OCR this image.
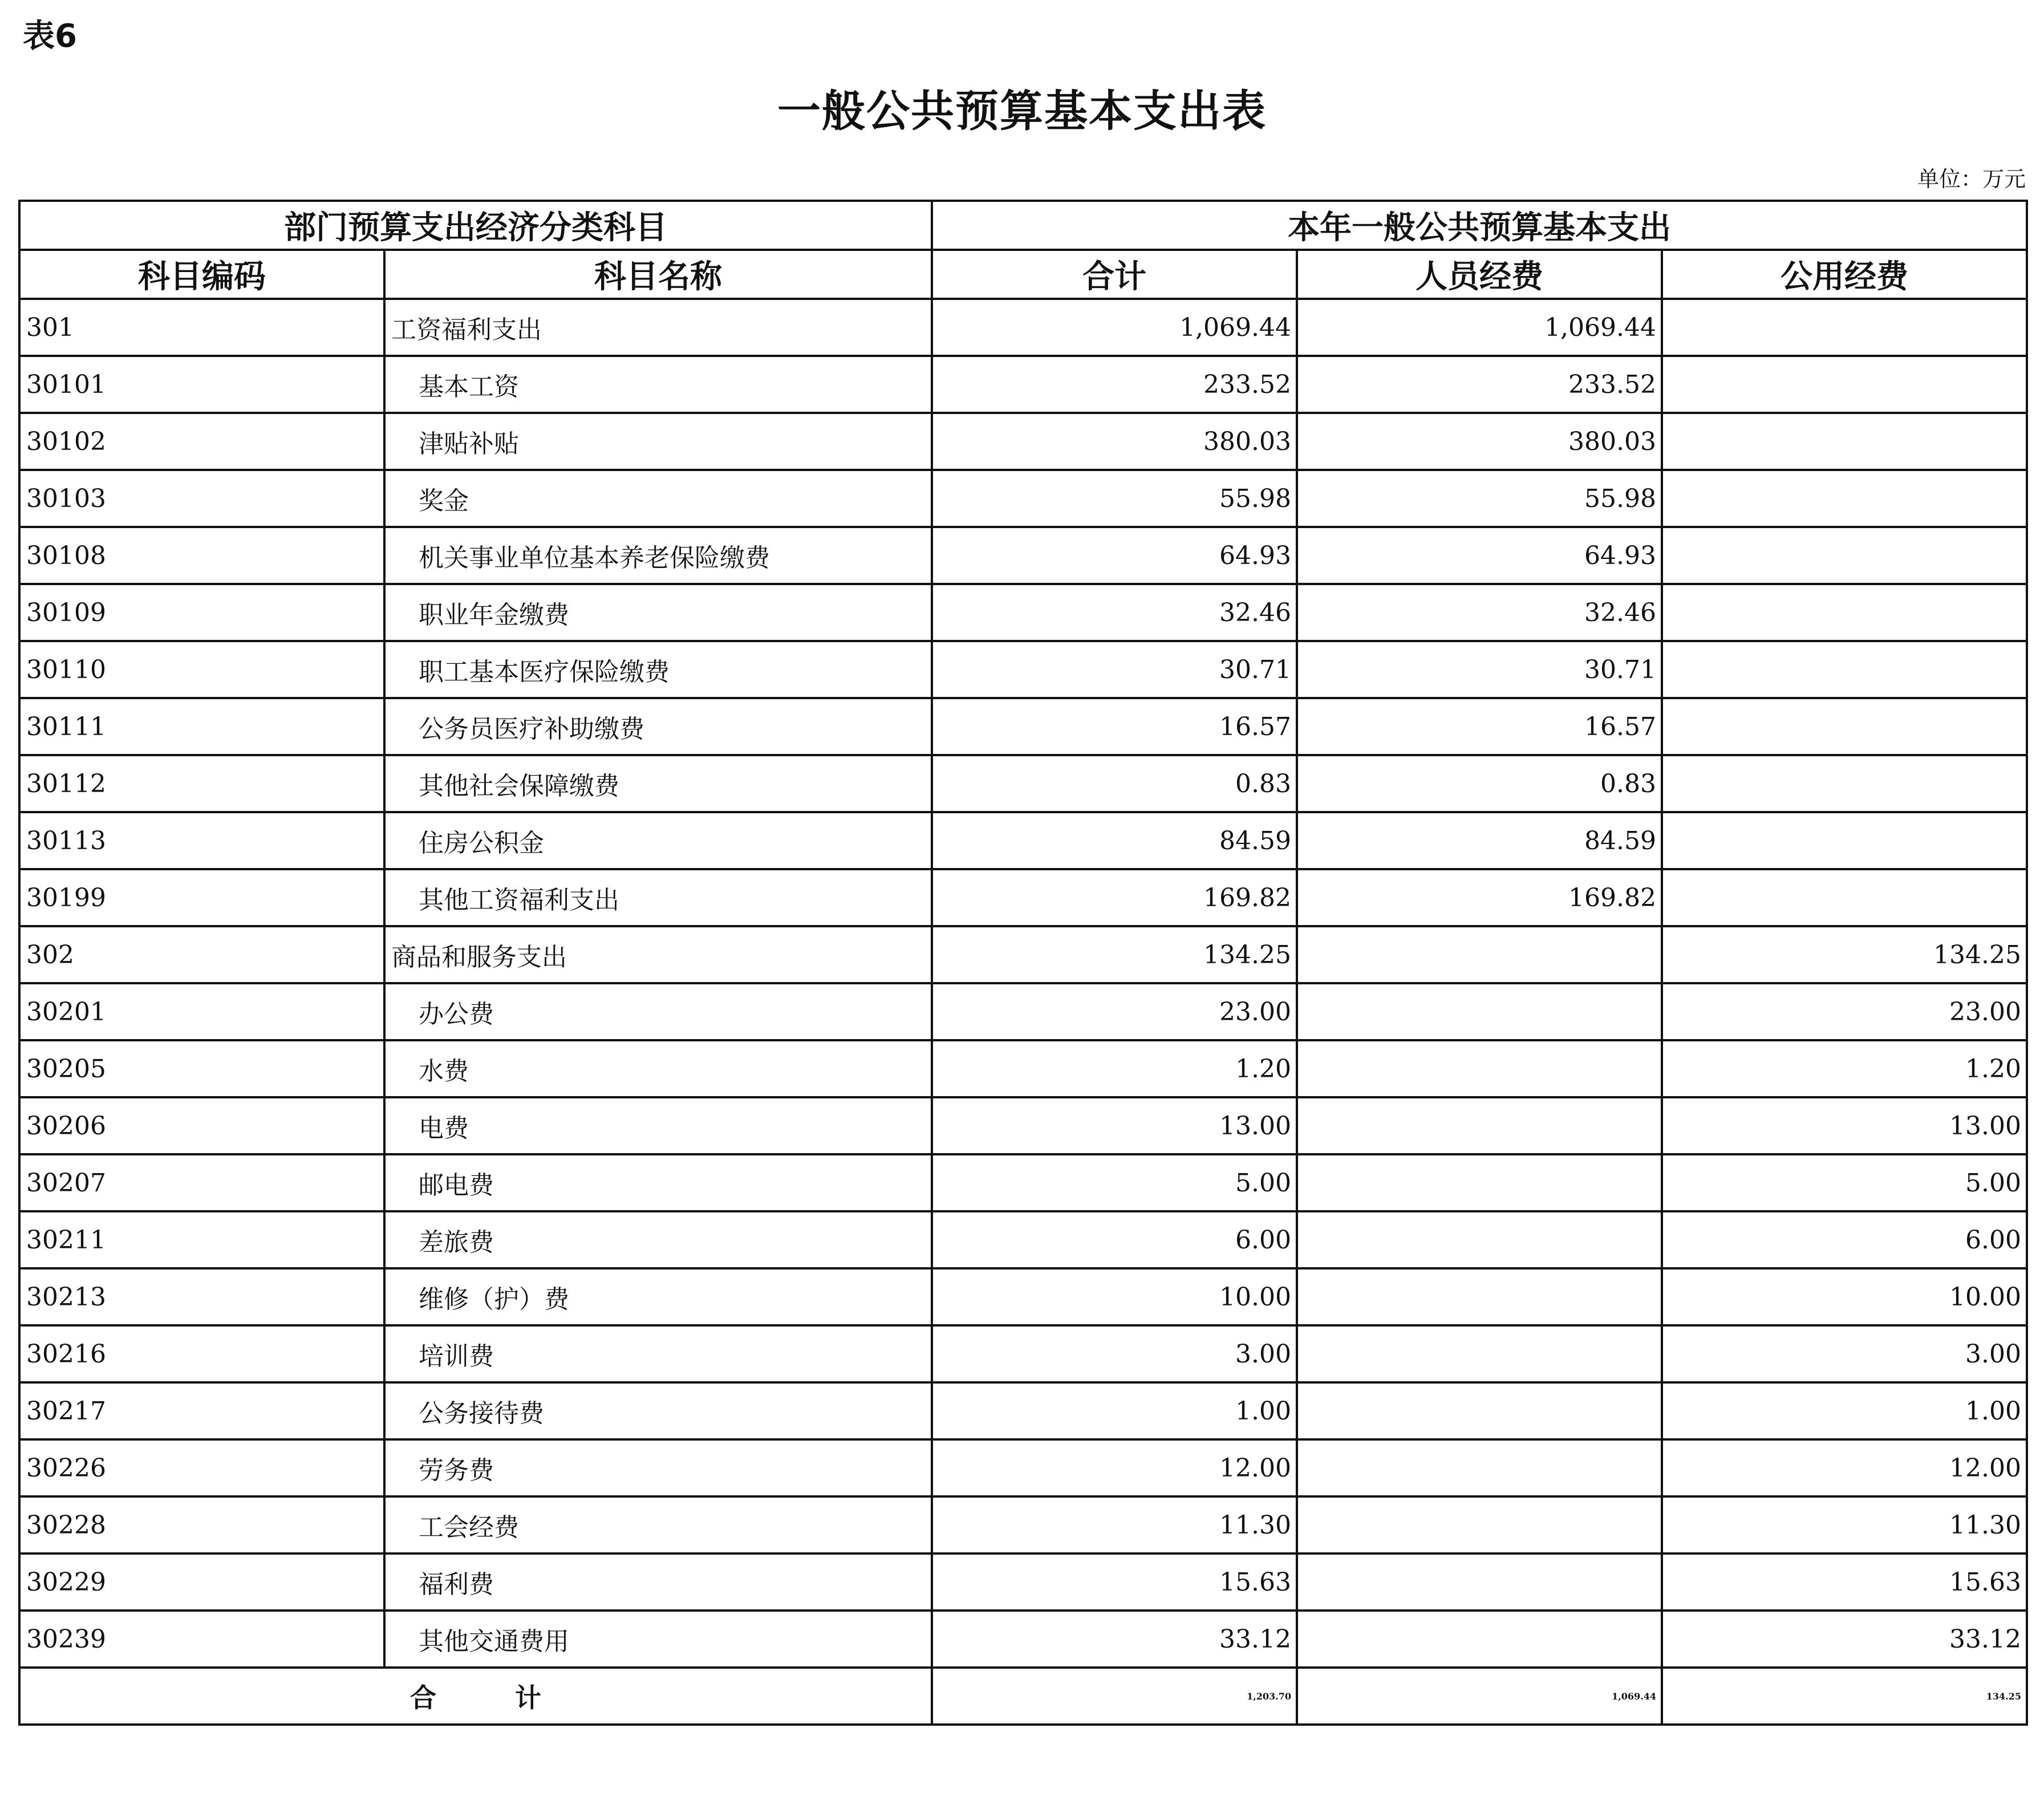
表6
一般公共预算基本支出表
单位：万元
部门预算支出经济分类科目		本年一般公共预算基本支出		
科目编码	科目名称	合计	人员经费	公用经费
301	工资福利支出	1,069.44	1,069.44	
30101	基本工资	233.52	233.52	
30102	津贴补贴	380.03	380.03	
30103	奖金	55.98	55.98	
30108	机关事业单位基本养老保险缴费	64.93	64.93	
30109	职业年金缴费	32.46	32.46	
30110	职工基本医疗保险缴费	30.71	30.71	
30111	公务员医疗补助缴费	16.57	16.57	
30112	其他社会保障缴费	0.83	0.83	
30113	住房公积金	84.59	84.59	
30199	其他工资福利支出	169.82	169.82	
302	商品和服务支出	134.25		134.25
30201	办公费	23.00		23.00
30205	水费	1.20		1.20
30206	电费	13.00		13.00
30207	邮电费	5.00		5.00
30211	差旅费	6.00		6.00
30213	维修（护）费	10.00		10.00
30216	培训费	3.00		3.00
30217	公务接待费	1.00		1.00
30226	劳务费	12.00		12.00
30228	工会经费	11.30		11.30
30229	福利费	15.63		15.63
30239	其他交通费用	33.12		33.12
合　　　计		1,203.70	1,069.44	134.25
